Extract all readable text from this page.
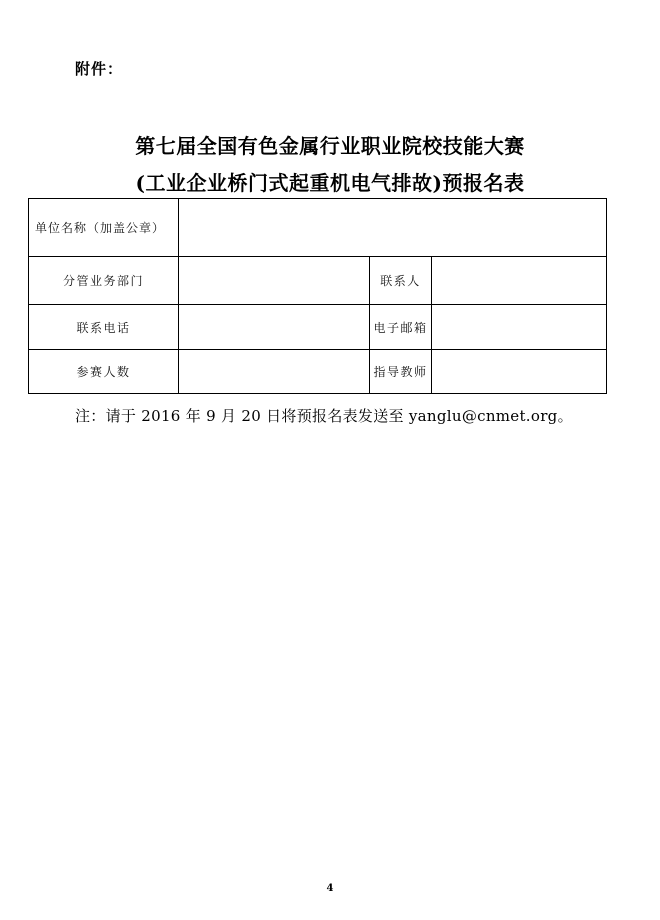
附件：
第七届全国有色金属行业职业院校技能大赛
(工业企业桥门式起重机电气排故)预报名表
单位名称（加盖公章）			
分管业务部门		联系人	
联系电话		电子邮箱	
参赛人数		指导教师	
注：请于 2016 年 9 月 20 日将预报名表发送至 yanglu@cnmet.org。
4
